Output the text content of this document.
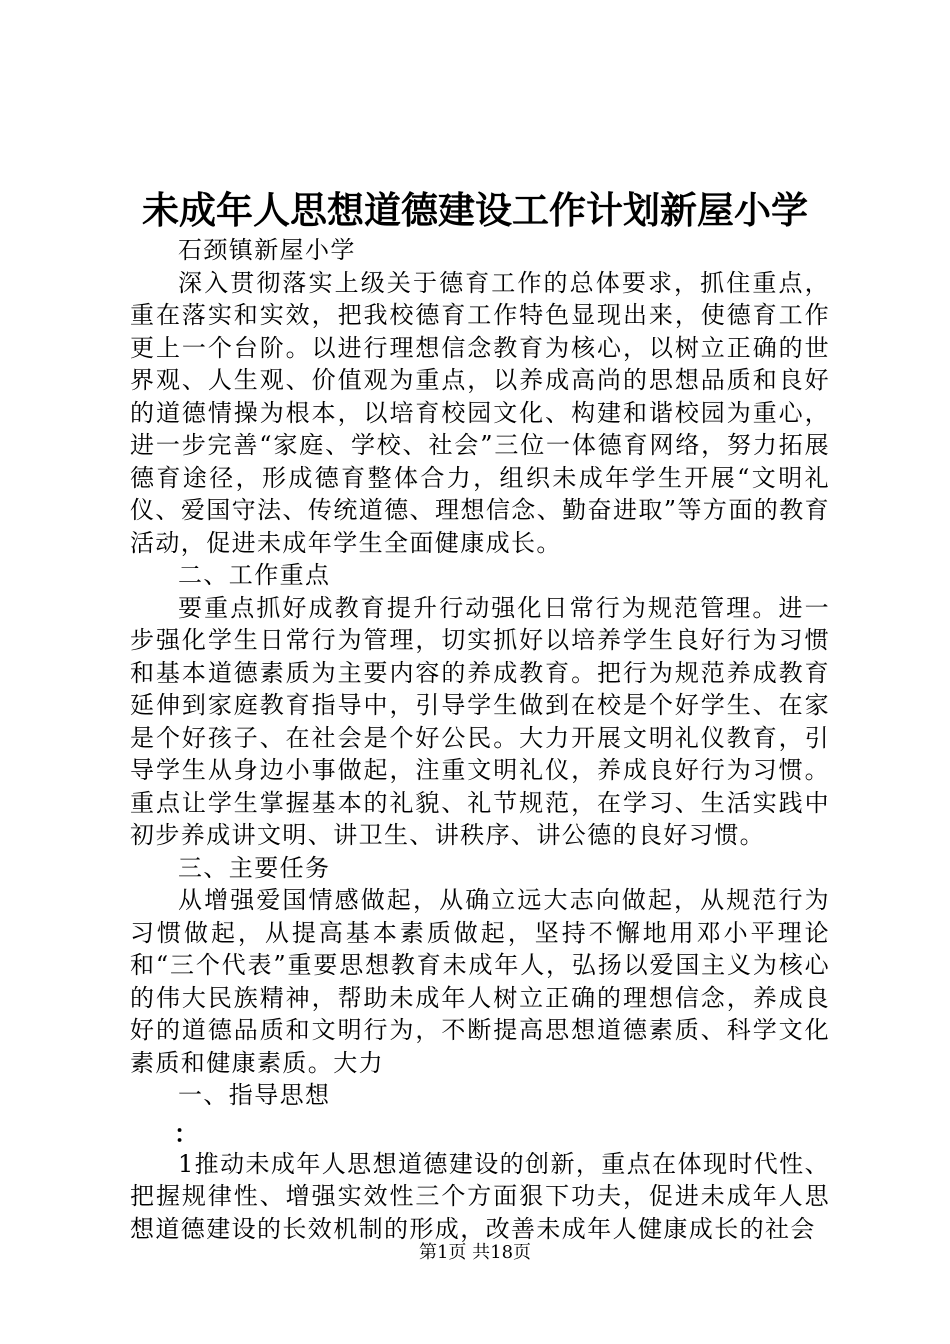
未成年人思想道德建设工作计划新屋小学

石颈镇新屋小学

深入贯彻落实上级关于德育工作的总体要求，抓住重点，重在落实和实效，把我校德育工作特色显现出来，使德育工作更上一个台阶。以进行理想信念教育为核心，以树立正确的世界观、人生观、价值观为重点，以养成高尚的思想品质和良好的道德情操为根本，以培育校园文化、构建和谐校园为重心，进一步完善“家庭、学校、社会”三位一体德育网络，努力拓展德育途径，形成德育整体合力，组织未成年学生开展“文明礼仪、爱国守法、传统道德、理想信念、勤奋进取”等方面的教育活动，促进未成年学生全面健康成长。

二、工作重点

要重点抓好成教育提升行动强化日常行为规范管理。进一步强化学生日常行为管理，切实抓好以培养学生良好行为习惯和基本道德素质为主要内容的养成教育。把行为规范养成教育延伸到家庭教育指导中，引导学生做到在校是个好学生、在家是个好孩子、在社会是个好公民。大力开展文明礼仪教育，引导学生从身边小事做起，注重文明礼仪，养成良好行为习惯。重点让学生掌握基本的礼貌、礼节规范，在学习、生活实践中初步养成讲文明、讲卫生、讲秩序、讲公德的良好习惯。

三、主要任务

从增强爱国情感做起，从确立远大志向做起，从规范行为习惯做起，从提高基本素质做起，坚持不懈地用邓小平理论和“三个代表”重要思想教育未成年人，弘扬以爱国主义为核心的伟大民族精神，帮助未成年人树立正确的理想信念，养成良好的道德品质和文明行为，不断提高思想道德素质、科学文化素质和健康素质。大力

一、指导思想

：

1推动未成年人思想道德建设的创新，重点在体现时代性、把握规律性、增强实效性三个方面狠下功夫，促进未成年人思想道德建设的长效机制的形成，改善未成年人健康成长的社会

第1页 共18页
